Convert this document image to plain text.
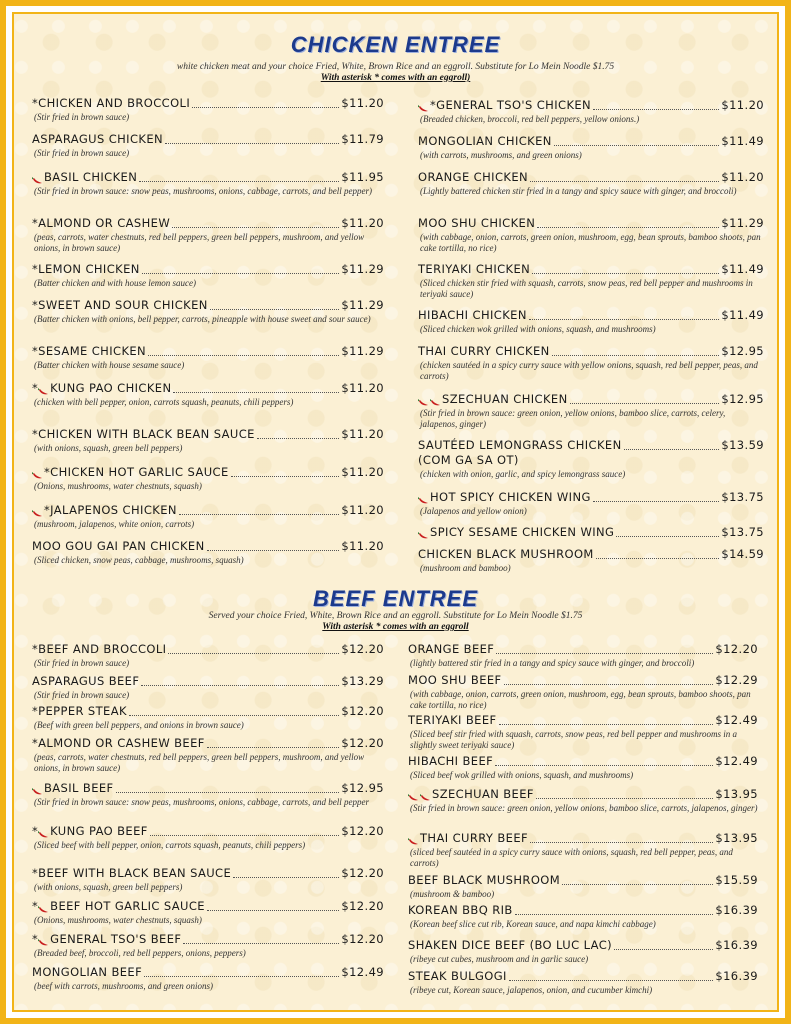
CHICKEN ENTREE
white chicken meat and your choice Fried, White, Brown Rice and an eggroll. Substitute for Lo Mein Noodle $1.75
With asterisk * comes with an eggroll)
*CHICKEN AND BROCCOLI	$11.20
(Stir fried in brown sauce)
ASPARAGUS CHICKEN	$11.79
(Stir fried in brown sauce)
BASIL CHICKEN	$11.95
(Stir fried in brown sauce: snow peas, mushrooms, onions, cabbage, carrots, and bell pepper)
*ALMOND OR CASHEW	$11.20
(peas, carrots, water chestnuts, red bell peppers, green bell peppers, mushroom, and yellow onions, in brown sauce)
*LEMON CHICKEN	$11.29
(Batter chicken and with house lemon sauce)
*SWEET AND SOUR CHICKEN	$11.29
(Batter chicken with onions, bell pepper, carrots, pineapple with house sweet and sour sauce)
*SESAME CHICKEN	$11.29
(Batter chicken with house sesame sauce)
* KUNG PAO CHICKEN	$11.20
(chicken with bell pepper, onion, carrots squash, peanuts, chili peppers)
*CHICKEN WITH BLACK BEAN SAUCE	$11.20
(with onions, squash, green bell peppers)
*CHICKEN HOT GARLIC SAUCE	$11.20
(Onions, mushrooms, water chestnuts, squash)
*JALAPENOS CHICKEN	$11.20
(mushroom, jalapenos, white onion, carrots)
MOO GOU GAI PAN CHICKEN	$11.20
(Sliced chicken, snow peas, cabbage, mushrooms, squash)
*GENERAL TSO'S CHICKEN	$11.20
(Breaded chicken, broccoli, red bell peppers, yellow onions.)
MONGOLIAN CHICKEN	$11.49
(with carrots, mushrooms, and green onions)
ORANGE CHICKEN	$11.20
(Lightly battered chicken stir fried in a tangy and spicy sauce with ginger, and broccoli)
MOO SHU CHICKEN	$11.29
(with cabbage, onion, carrots, green onion, mushroom, egg, bean sprouts, bamboo shoots, pan cake tortilla, no rice)
TERIYAKI CHICKEN	$11.49
(Sliced chicken stir fried with squash, carrots, snow peas, red bell pepper and mushrooms in teriyaki sauce)
HIBACHI CHICKEN	$11.49
(Sliced chicken wok grilled with onions, squash, and mushrooms)
THAI CURRY CHICKEN	$12.95
(chicken sautéed in a spicy curry sauce with yellow onions, squash, red bell pepper, peas, and carrots)
SZECHUAN CHICKEN	$12.95
(Stir fried in brown sauce: green onion, yellow onions, bamboo slice, carrots, celery, jalapenos, ginger)
SAUTÉED LEMONGRASS CHICKEN	$13.59
(COM GA SA OT)
(chicken with onion, garlic, and spicy lemongrass sauce)
HOT SPICY CHICKEN WING	$13.75
(Jalapenos and yellow onion)
SPICY SESAME CHICKEN WING	$13.75
CHICKEN BLACK MUSHROOM	$14.59
(mushroom and bamboo)
BEEF ENTREE
Served your choice Fried, White, Brown Rice and an eggroll. Substitute for Lo Mein Noodle $1.75
With asterisk * comes with an eggroll
*BEEF AND BROCCOLI	$12.20
(Stir fried in brown sauce)
ASPARAGUS BEEF	$13.29
(Stir fried in brown sauce)
*PEPPER STEAK	$12.20
(Beef with green bell peppers, and onions in brown sauce)
*ALMOND OR CASHEW BEEF	$12.20
(peas, carrots, water chestnuts, red bell peppers, green bell peppers, mushroom, and yellow onions, in brown sauce)
BASIL BEEF	$12.95
(Stir fried in brown sauce: snow peas, mushrooms, onions, cabbage, carrots, and bell pepper
* KUNG PAO BEEF	$12.20
(Sliced beef with bell pepper, onion, carrots squash, peanuts, chili peppers)
*BEEF WITH BLACK BEAN SAUCE	$12.20
(with onions, squash, green bell peppers)
* BEEF HOT GARLIC SAUCE	$12.20
(Onions, mushrooms, water chestnuts, squash)
* GENERAL TSO'S BEEF	$12.20
(Breaded beef, broccoli, red bell peppers, onions, peppers)
MONGOLIAN BEEF	$12.49
(beef with carrots, mushrooms, and green onions)
ORANGE BEEF	$12.20
(lightly battered stir fried in a tangy and spicy sauce with ginger, and broccoli)
MOO SHU BEEF	$12.29
(with cabbage, onion, carrots, green onion, mushroom, egg, bean sprouts, bamboo shoots, pan cake tortilla, no rice)
TERIYAKI BEEF	$12.49
(Sliced beef stir fried with squash, carrots, snow peas, red bell pepper and mushrooms in a slightly sweet teriyaki sauce)
HIBACHI BEEF	$12.49
(Sliced beef wok grilled with onions, squash, and mushrooms)
SZECHUAN BEEF	$13.95
(Stir fried in brown sauce: green onion, yellow onions, bamboo slice, carrots, jalapenos, ginger)
THAI CURRY BEEF	$13.95
(sliced beef sautéed in a spicy curry sauce with onions, squash, red bell pepper, peas, and carrots)
BEEF BLACK MUSHROOM	$15.59
(mushroom & bamboo)
KOREAN BBQ RIB	$16.39
(Korean beef slice cut rib, Korean sauce, and napa kimchi cabbage)
SHAKEN DICE BEEF (BO LUC LAC)	$16.39
(ribeye cut cubes, mushroom and in garlic sauce)
STEAK BULGOGI	$16.39
(ribeye cut, Korean sauce, jalapenos, onion, and cucumber kimchi)
